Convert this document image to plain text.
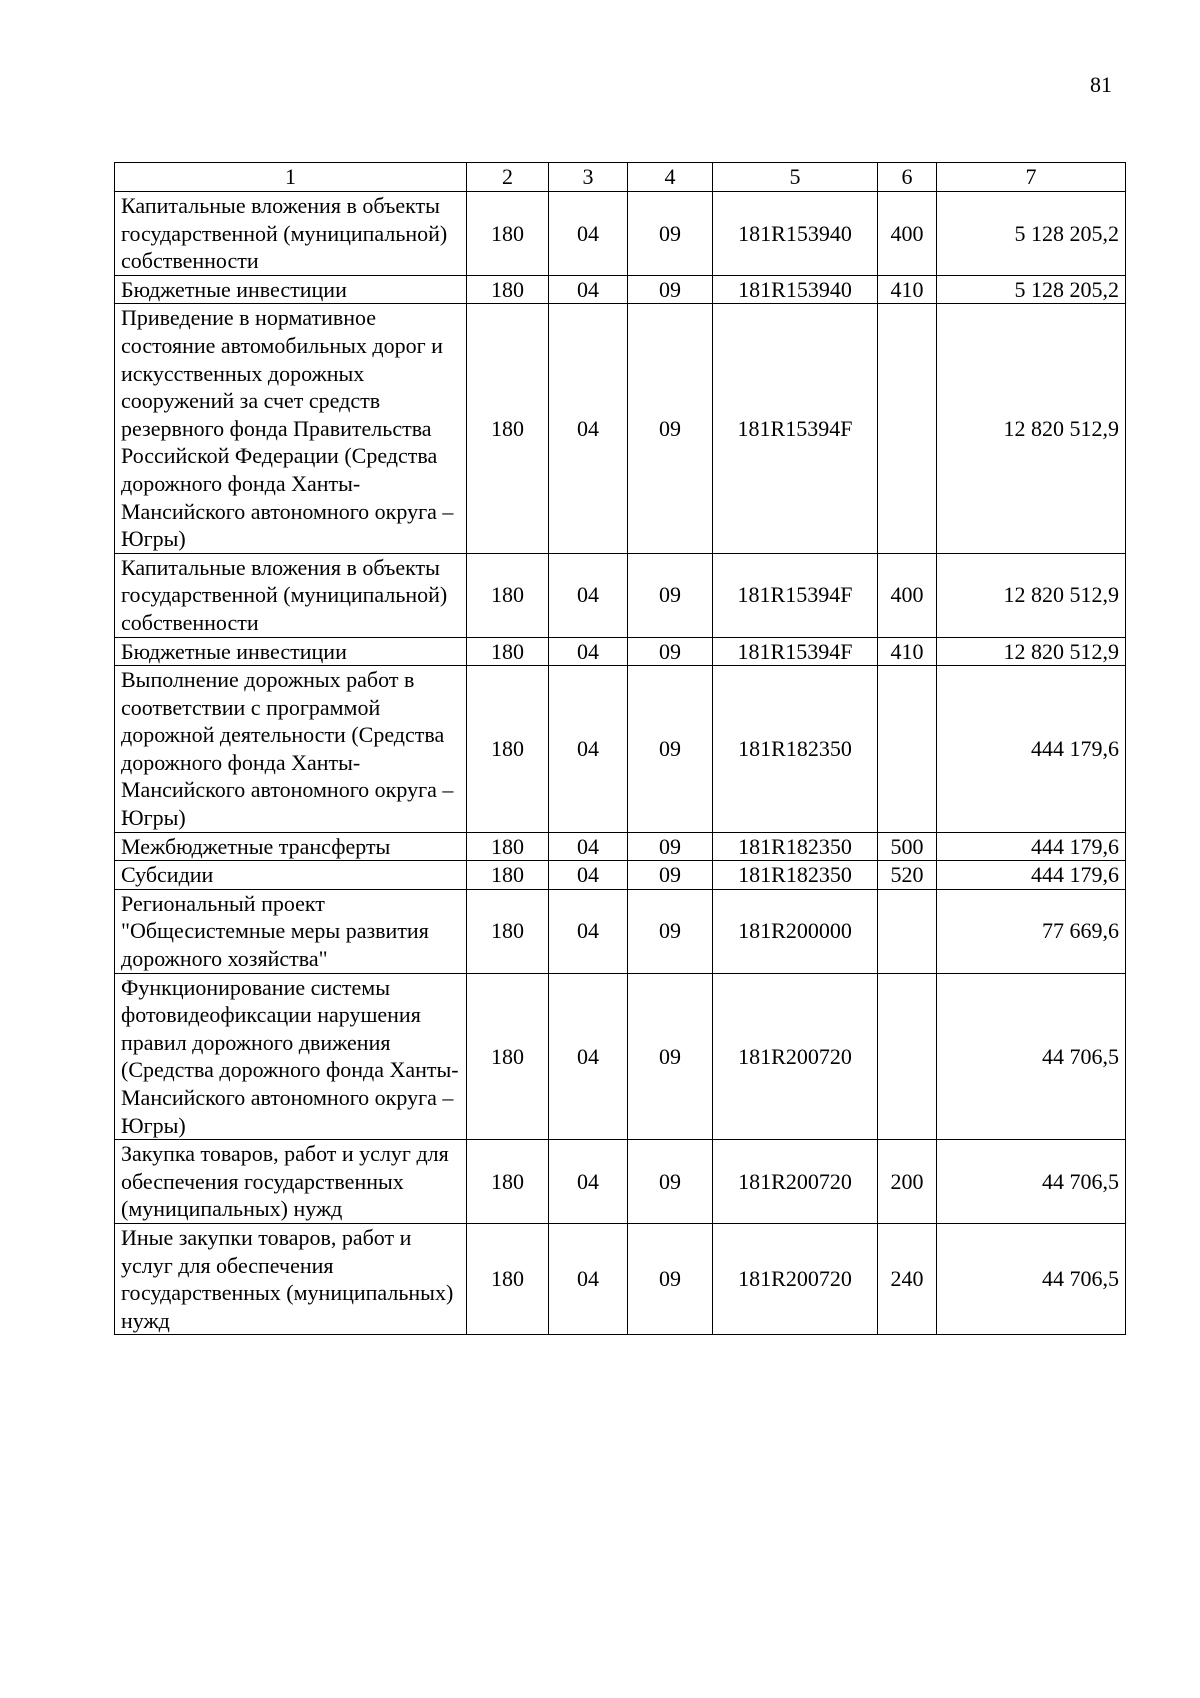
81
1	2	3	4	5	6	7
Капитальные вложения в объекты государственной (муниципальной) собственности	180	04	09	181R153940	400	5 128 205,2
Бюджетные инвестиции	180	04	09	181R153940	410	5 128 205,2
Приведение в нормативное состояние автомобильных дорог и искусственных дорожных сооружений за счет средств резервного фонда Правительства Российской Федерации (Средства дорожного фонда Ханты-Мансийского автономного округа – Югры)	180	04	09	181R15394F		12 820 512,9
Капитальные вложения в объекты государственной (муниципальной) собственности	180	04	09	181R15394F	400	12 820 512,9
Бюджетные инвестиции	180	04	09	181R15394F	410	12 820 512,9
Выполнение дорожных работ в соответствии с программой дорожной деятельности (Средства дорожного фонда Ханты-Мансийского автономного округа – Югры)	180	04	09	181R182350		444 179,6
Межбюджетные трансферты	180	04	09	181R182350	500	444 179,6
Субсидии	180	04	09	181R182350	520	444 179,6
Региональный проект "Общесистемные меры развития дорожного хозяйства"	180	04	09	181R200000		77 669,6
Функционирование системы фотовидеофиксации нарушения правил дорожного движения (Средства дорожного фонда Ханты-Мансийского автономного округа – Югры)	180	04	09	181R200720		44 706,5
Закупка товаров, работ и услуг для обеспечения государственных (муниципальных) нужд	180	04	09	181R200720	200	44 706,5
Иные закупки товаров, работ и услуг для обеспечения государственных (муниципальных) нужд	180	04	09	181R200720	240	44 706,5
